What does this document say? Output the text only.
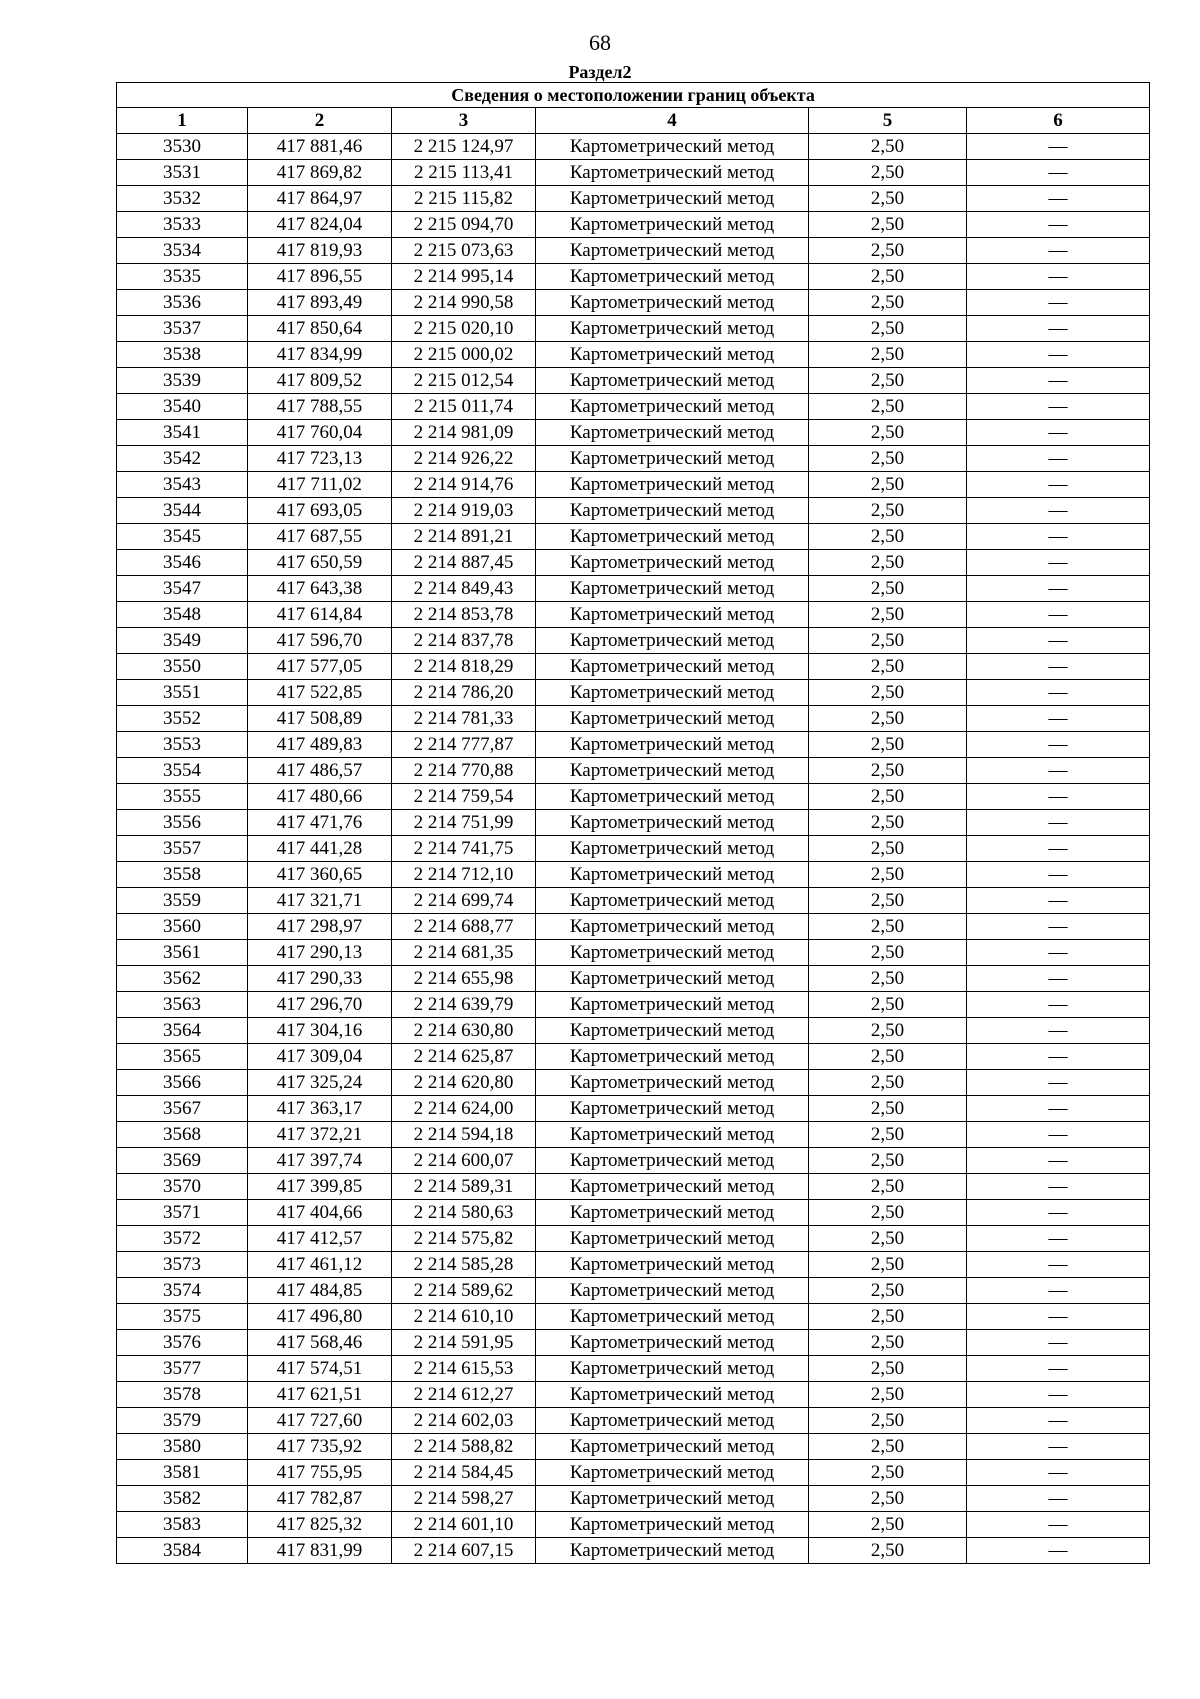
68
Раздел2
Сведения о местоположении границ объекта					
1	2	3	4	5	6
3530	417 881,46	2 215 124,97	Картометрический метод	2,50	—
3531	417 869,82	2 215 113,41	Картометрический метод	2,50	—
3532	417 864,97	2 215 115,82	Картометрический метод	2,50	—
3533	417 824,04	2 215 094,70	Картометрический метод	2,50	—
3534	417 819,93	2 215 073,63	Картометрический метод	2,50	—
3535	417 896,55	2 214 995,14	Картометрический метод	2,50	—
3536	417 893,49	2 214 990,58	Картометрический метод	2,50	—
3537	417 850,64	2 215 020,10	Картометрический метод	2,50	—
3538	417 834,99	2 215 000,02	Картометрический метод	2,50	—
3539	417 809,52	2 215 012,54	Картометрический метод	2,50	—
3540	417 788,55	2 215 011,74	Картометрический метод	2,50	—
3541	417 760,04	2 214 981,09	Картометрический метод	2,50	—
3542	417 723,13	2 214 926,22	Картометрический метод	2,50	—
3543	417 711,02	2 214 914,76	Картометрический метод	2,50	—
3544	417 693,05	2 214 919,03	Картометрический метод	2,50	—
3545	417 687,55	2 214 891,21	Картометрический метод	2,50	—
3546	417 650,59	2 214 887,45	Картометрический метод	2,50	—
3547	417 643,38	2 214 849,43	Картометрический метод	2,50	—
3548	417 614,84	2 214 853,78	Картометрический метод	2,50	—
3549	417 596,70	2 214 837,78	Картометрический метод	2,50	—
3550	417 577,05	2 214 818,29	Картометрический метод	2,50	—
3551	417 522,85	2 214 786,20	Картометрический метод	2,50	—
3552	417 508,89	2 214 781,33	Картометрический метод	2,50	—
3553	417 489,83	2 214 777,87	Картометрический метод	2,50	—
3554	417 486,57	2 214 770,88	Картометрический метод	2,50	—
3555	417 480,66	2 214 759,54	Картометрический метод	2,50	—
3556	417 471,76	2 214 751,99	Картометрический метод	2,50	—
3557	417 441,28	2 214 741,75	Картометрический метод	2,50	—
3558	417 360,65	2 214 712,10	Картометрический метод	2,50	—
3559	417 321,71	2 214 699,74	Картометрический метод	2,50	—
3560	417 298,97	2 214 688,77	Картометрический метод	2,50	—
3561	417 290,13	2 214 681,35	Картометрический метод	2,50	—
3562	417 290,33	2 214 655,98	Картометрический метод	2,50	—
3563	417 296,70	2 214 639,79	Картометрический метод	2,50	—
3564	417 304,16	2 214 630,80	Картометрический метод	2,50	—
3565	417 309,04	2 214 625,87	Картометрический метод	2,50	—
3566	417 325,24	2 214 620,80	Картометрический метод	2,50	—
3567	417 363,17	2 214 624,00	Картометрический метод	2,50	—
3568	417 372,21	2 214 594,18	Картометрический метод	2,50	—
3569	417 397,74	2 214 600,07	Картометрический метод	2,50	—
3570	417 399,85	2 214 589,31	Картометрический метод	2,50	—
3571	417 404,66	2 214 580,63	Картометрический метод	2,50	—
3572	417 412,57	2 214 575,82	Картометрический метод	2,50	—
3573	417 461,12	2 214 585,28	Картометрический метод	2,50	—
3574	417 484,85	2 214 589,62	Картометрический метод	2,50	—
3575	417 496,80	2 214 610,10	Картометрический метод	2,50	—
3576	417 568,46	2 214 591,95	Картометрический метод	2,50	—
3577	417 574,51	2 214 615,53	Картометрический метод	2,50	—
3578	417 621,51	2 214 612,27	Картометрический метод	2,50	—
3579	417 727,60	2 214 602,03	Картометрический метод	2,50	—
3580	417 735,92	2 214 588,82	Картометрический метод	2,50	—
3581	417 755,95	2 214 584,45	Картометрический метод	2,50	—
3582	417 782,87	2 214 598,27	Картометрический метод	2,50	—
3583	417 825,32	2 214 601,10	Картометрический метод	2,50	—
3584	417 831,99	2 214 607,15	Картометрический метод	2,50	—
